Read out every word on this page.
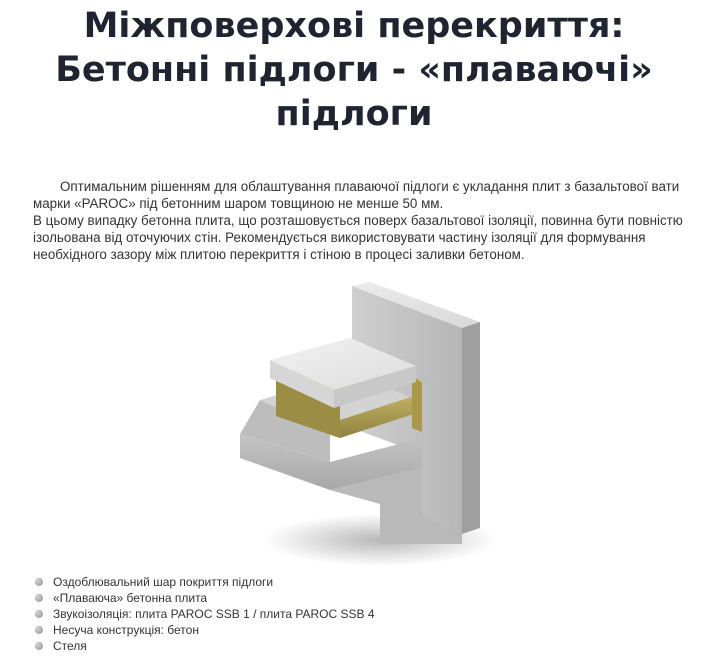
Міжповерхові перекриття:
Бетонні підлоги - «плаваючі»
підлоги

Оптимальним рішенням для облаштування плаваючої підлоги є укладання плит з базальтової вати марки «PAROC» під бетонним шаром товщиною не менше 50 мм.

В цьому випадку бетонна плита, що розташовується поверх базальтової ізоляції, повинна бути повністю ізольована від оточуючих стін. Рекомендується використовувати частину ізоляції для формування необхідного зазору між плитою перекриття і стіною в процесі заливки бетоном.

Оздоблювальний шар покриття підлоги
«Плаваюча» бетонна плита
Звукоізоляція: плита PAROC SSB 1 / плита PAROC SSB 4
Несуча конструкція: бетон
Стеля
